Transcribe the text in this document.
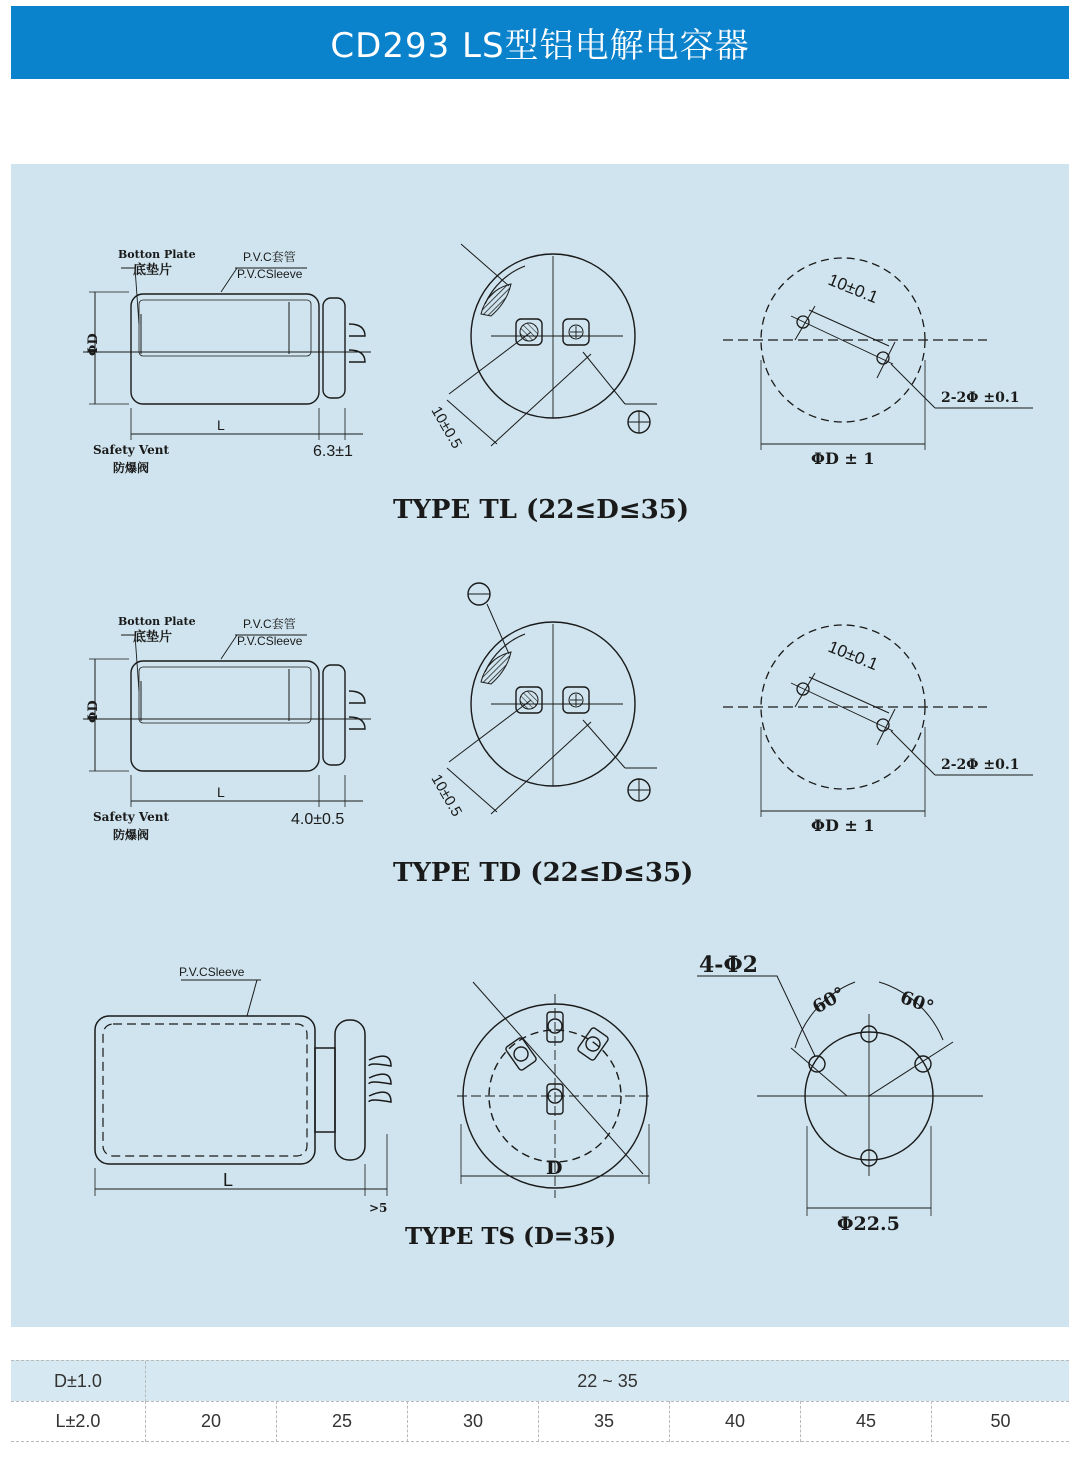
CD293 LS型铝电解电容器
Botton Plate
底垫片
P.V.C套管
P.V.CSleeve
ΦD
L
6.3±1
Safety Vent
防爆阀
10±0.5
10±0.1
2-2Φ ±0.1
ΦD ± 1
TYPE TL (22≤D≤35)
Botton Plate
底垫片
P.V.C套管
P.V.CSleeve
ΦD
L
4.0±0.5
Safety Vent
防爆阀
10±0.5
10±0.1
2-2Φ ±0.1
ΦD ± 1
TYPE TD (22≤D≤35)
P.V.CSleeve
L
>5
D
4-Φ2
60°	60°
Φ22.5
TYPE TS (D=35)
D±1.0	22 ~ 35
L±2.0	20	25	30	35	40	45	50
